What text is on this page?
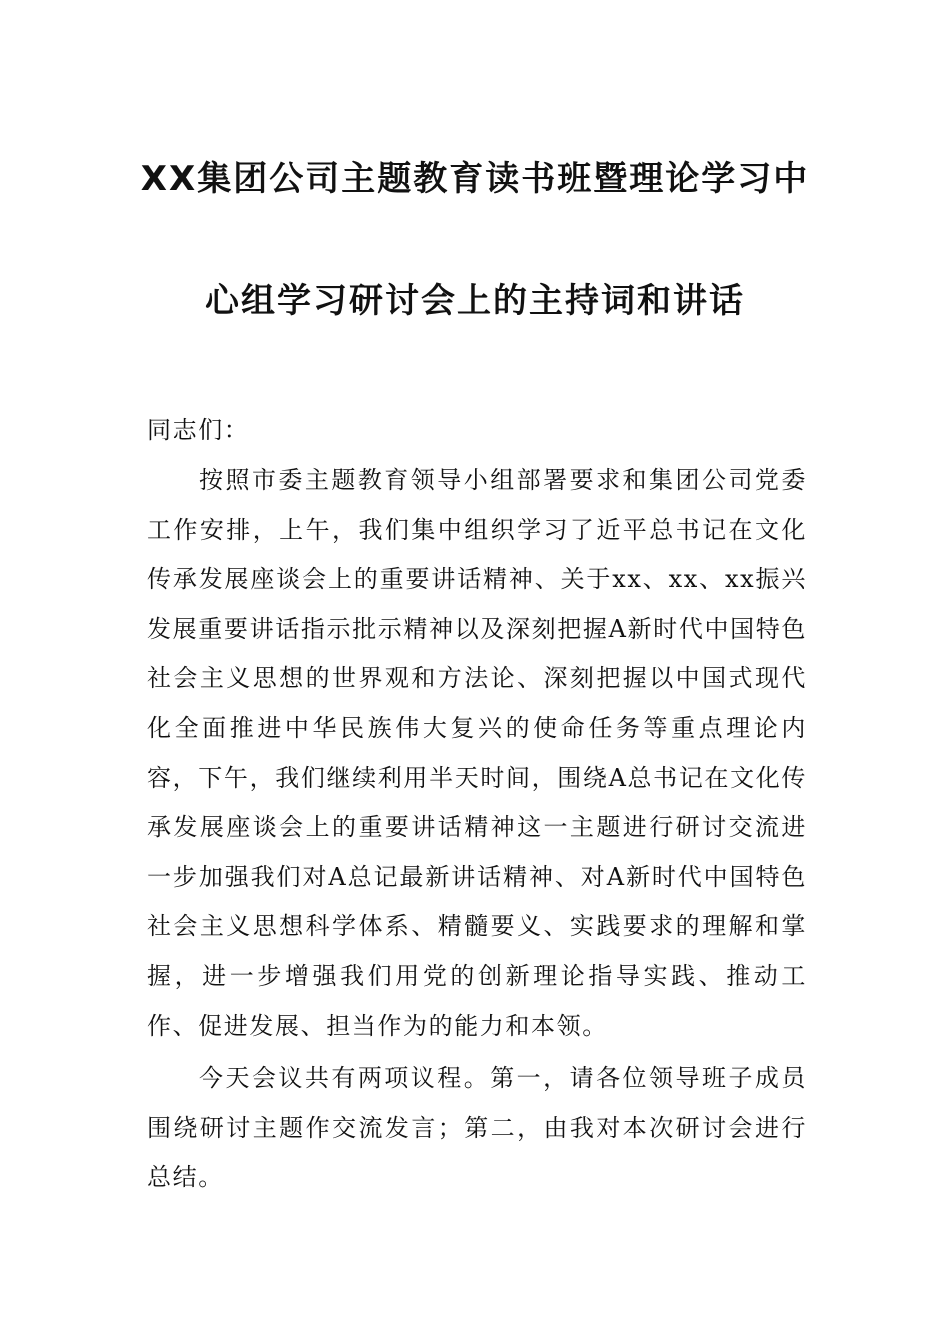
XX集团公司主题教育读书班暨理论学习中
心组学习研讨会上的主持词和讲话
同志们：
按照市委主题教育领导小组部署要求和集团公司党委工作安排，上午，我们集中组织学习了近平总书记在文化传承发展座谈会上的重要讲话精神、关于xx、xx、xx振兴发展重要讲话指示批示精神以及深刻把握A新时代中国特色社会主义思想的世界观和方法论、深刻把握以中国式现代化全面推进中华民族伟大复兴的使命任务等重点理论内容，下午，我们继续利用半天时间，围绕A总书记在文化传承发展座谈会上的重要讲话精神这一主题进行研讨交流进一步加强我们对A总记最新讲话精神、对A新时代中国特色社会主义思想科学体系、精髓要义、实践要求的理解和掌握，进一步增强我们用党的创新理论指导实践、推动工作、促进发展、担当作为的能力和本领。
今天会议共有两项议程。第一，请各位领导班子成员围绕研讨主题作交流发言；第二，由我对本次研讨会进行总结。
